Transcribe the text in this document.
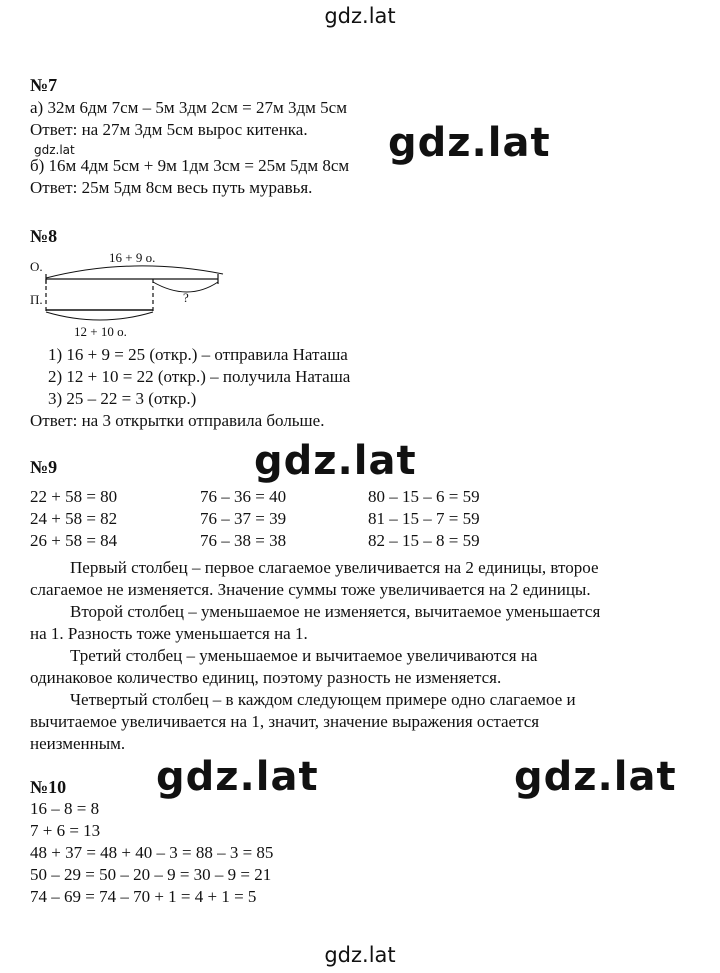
gdz.lat
gdz.lat
gdz.lat
gdz.lat
gdz.lat	gdz.lat
gdz.lat
№7
а) 32м 6дм 7см – 5м 3дм 2см = 27м 3дм 5см
Ответ: на 27м 3дм 5см вырос китенка.
б) 16м 4дм 5см + 9м 1дм 3см = 25м 5дм 8см
Ответ: 25м 5дм 8см весь путь муравья.
№8
О.
П.
16 + 9 о.
?
12 + 10 о.
1) 16 + 9 = 25 (откр.) – отправила Наташа
2) 12 + 10 = 22 (откр.) – получила Наташа
3) 25 – 22 = 3 (откр.)
Ответ: на 3 открытки отправила больше.
№9
22 + 58 = 80
24 + 58 = 82
26 + 58 = 84
76 – 36 = 40
76 – 37 = 39
76 – 38 = 38
80 – 15 – 6 = 59
81 – 15 – 7 = 59
82 – 15 – 8 = 59
Первый столбец – первое слагаемое увеличивается на 2 единицы, второе
слагаемое не изменяется. Значение суммы тоже увеличивается на 2 единицы.
Второй столбец – уменьшаемое не изменяется, вычитаемое уменьшается
на 1. Разность тоже уменьшается на 1.
Третий столбец – уменьшаемое и вычитаемое увеличиваются на
одинаковое количество единиц, поэтому разность не изменяется.
Четвертый столбец – в каждом следующем примере одно слагаемое и
вычитаемое увеличивается на 1, значит, значение выражения остается
неизменным.
№10
16 – 8 = 8
7 + 6 = 13
48 + 37 = 48 + 40 – 3 = 88 – 3 = 85
50 – 29 = 50 – 20 – 9 = 30 – 9 = 21
74 – 69 = 74 – 70 + 1 = 4 + 1 = 5
